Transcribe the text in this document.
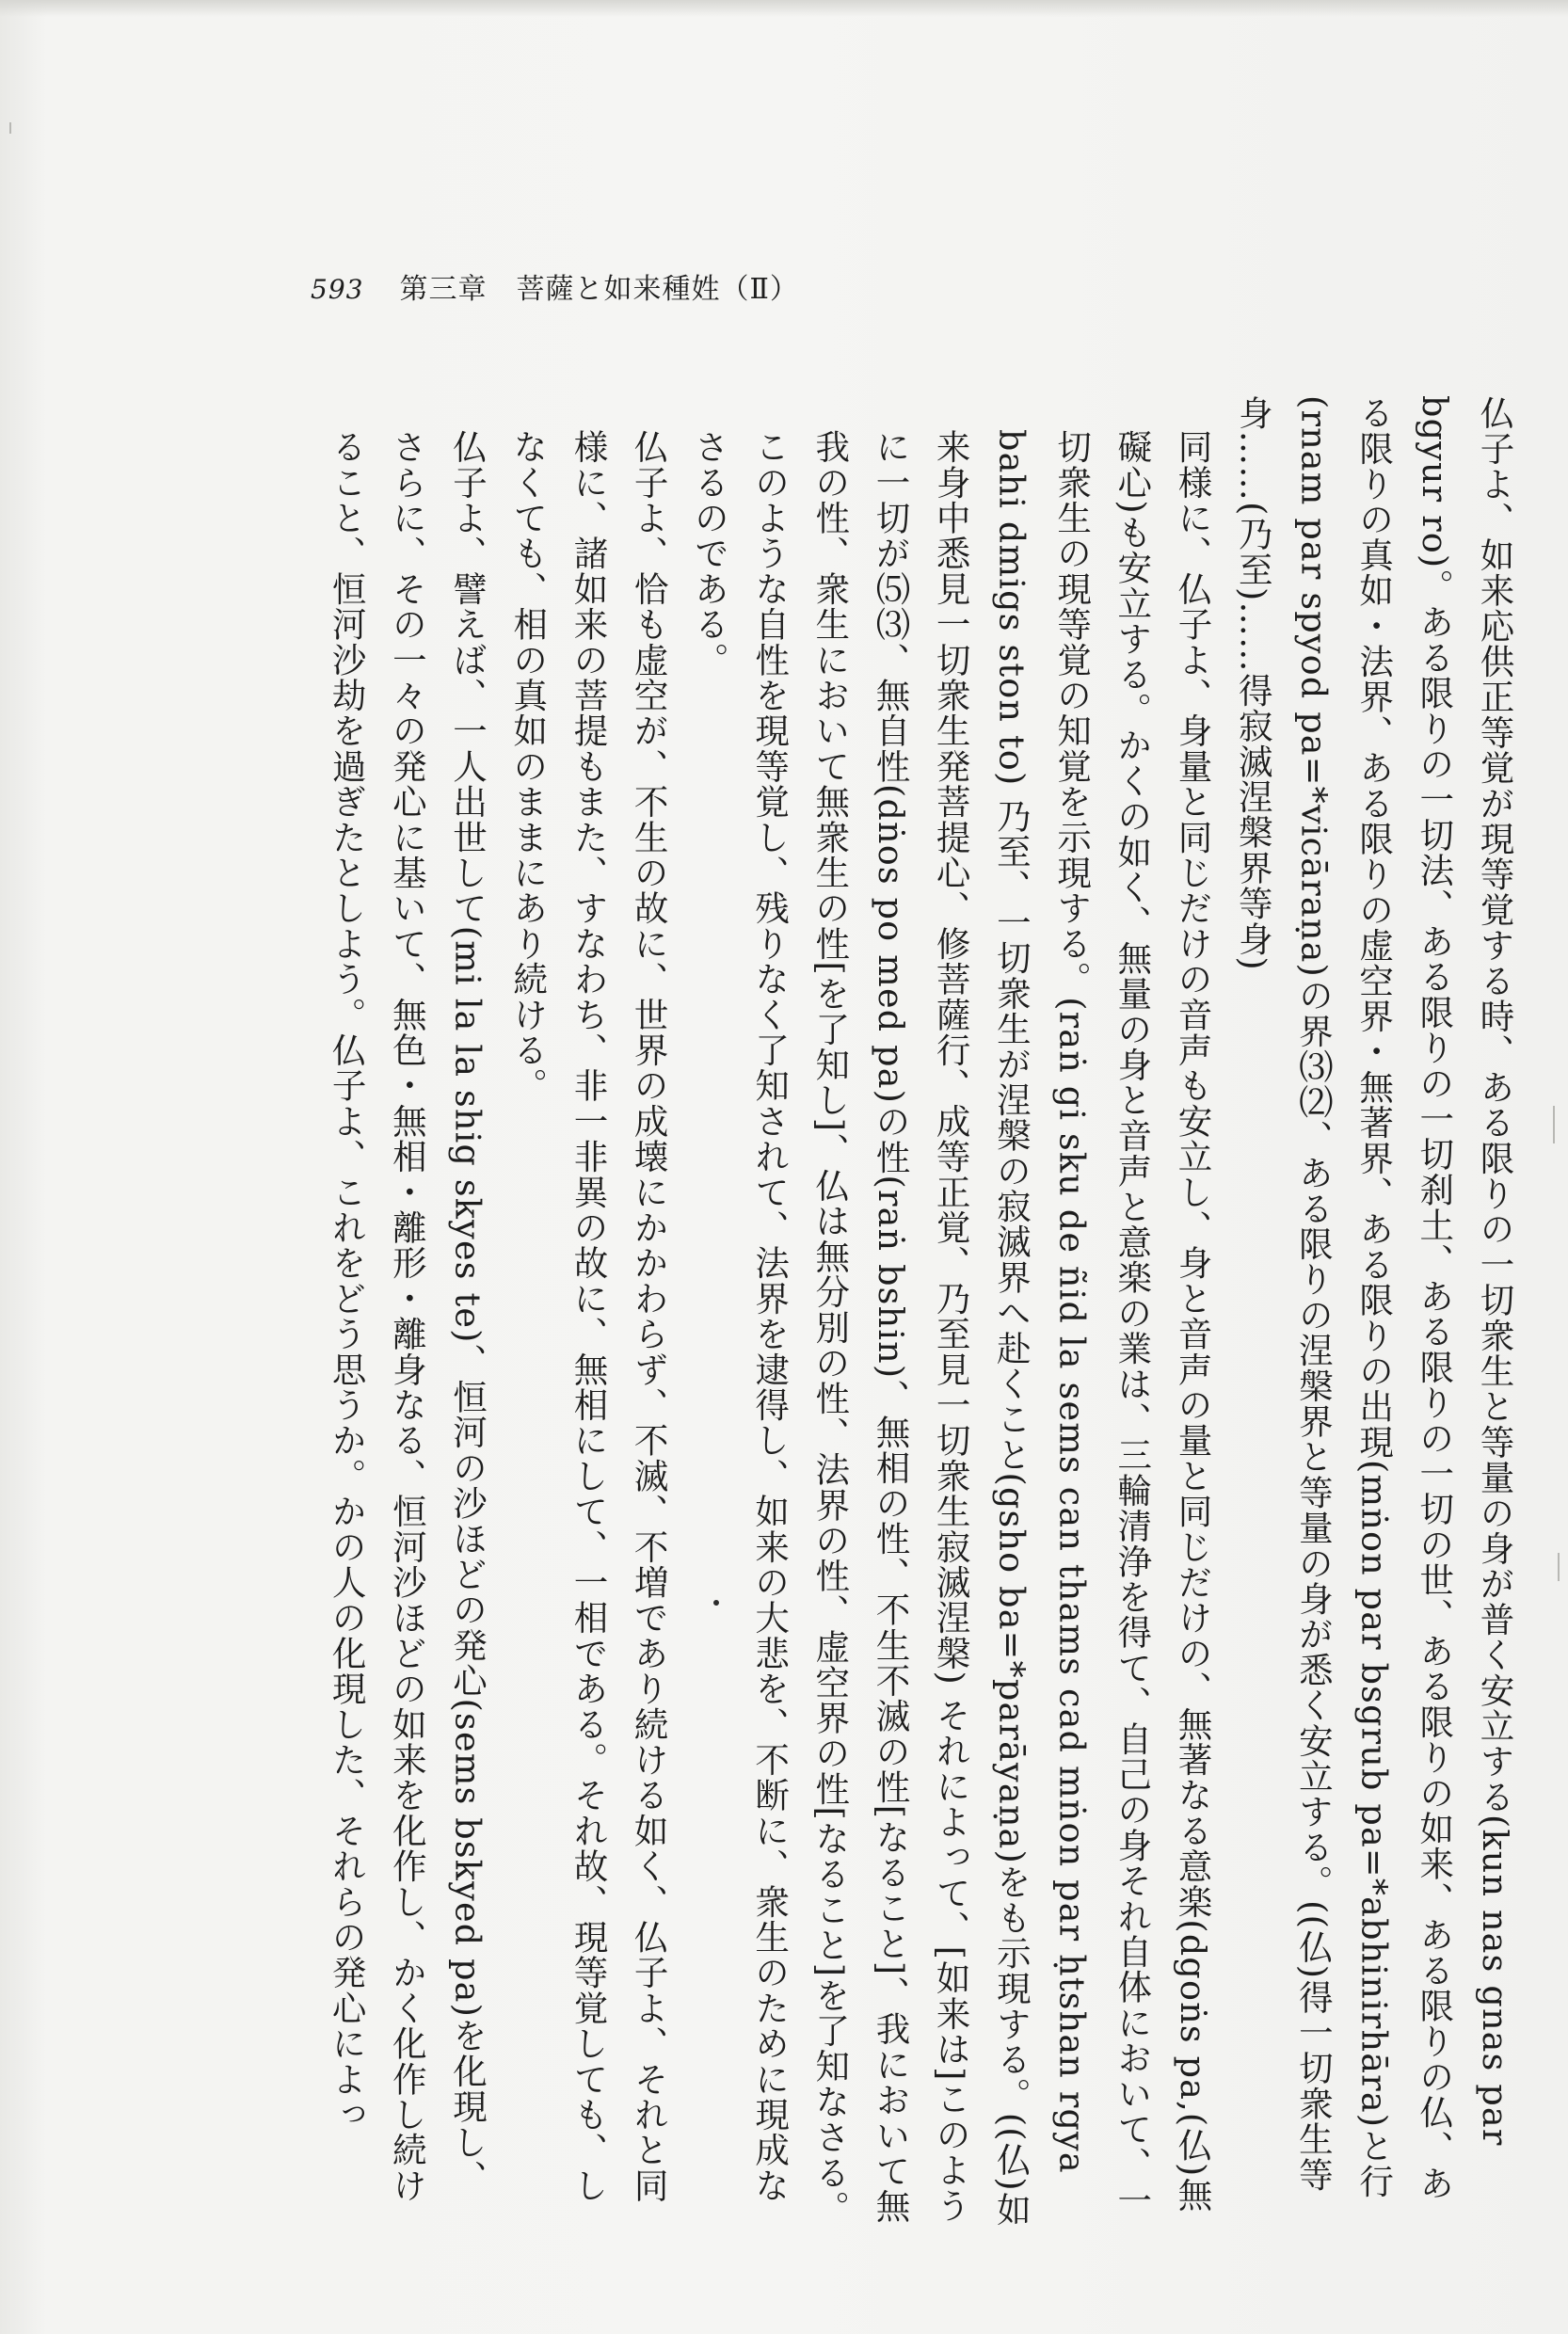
593 第三章　菩薩と如来種姓（Ⅱ）

仏子よ、如来応供正等覚が現等覚する時、ある限りの一切衆生と等量の身が普く安立する(kun nas gnas par bgyur ro)。ある限りの一切法、ある限りの一切刹土、ある限りの一切の世、ある限りの如来、ある限りの仏、ある限りの真如・法界、ある限りの虚空界・無著界、ある限りの出現(mṅon par bsgrub pa=*abhinirhāra)と行(rnam par spyod pa=*vicāraṇa)の界⑶⑵、ある限りの涅槃界と等量の身が悉く安立する。((仏)得一切衆生等身……(乃至)……得寂滅涅槃界等身)

同様に、仏子よ、身量と同じだけの音声も安立し、身と音声の量と同じだけの、無著なる意楽(dgoṅs pa,(仏)無礙心)も安立する。かくの如く、無量の身と音声と意楽の業は、三輪清浄を得て、自己の身それ自体において、一切衆生の現等覚の知覚を示現する。(raṅ gi sku de ñid la sems can thams cad mṅon par ḥtshan rgya bahi dmigs ston to) 乃至、一切衆生が涅槃の寂滅界へ赴くこと(gsho ba=*parāyaṇa)をも示現する。((仏)如来身中悉見一切衆生発菩提心、修菩薩行、成等正覚、乃至見一切衆生寂滅涅槃) それによって、[如来は]このように一切が⑸⑶、無自性(dṅos po med pa)の性(raṅ bshin)、無相の性、不生不滅の性[なること]、我において無我の性、衆生において無衆生の性[を了知し]、仏は無分別の性、法界の性、虚空界の性[なること]を了知なさる。このような自性を現等覚し、残りなく了知されて、法界を逮得し、如来の大悲を、不断に、衆生のために現成なさるのである。

仏子よ、恰も虚空が、不生の故に、世界の成壊にかかわらず、不滅、不増であり続ける如く、仏子よ、それと同様に、諸如来の菩提もまた、すなわち、非一非異の故に、無相にして、一相である。それ故、現等覚しても、しなくても、相の真如のままにあり続ける。

仏子よ、譬えば、一人出世して(mi la la shig skyes te)、恒河の沙ほどの発心(sems bskyed pa)を化現し、さらに、その一々の発心に基いて、無色・無相・離形・離身なる、恒河沙ほどの如来を化作し、かく化作し続けること、恒河沙劫を過ぎたとしよう。仏子よ、これをどう思うか。かの人の化現した、それらの発心によっ
